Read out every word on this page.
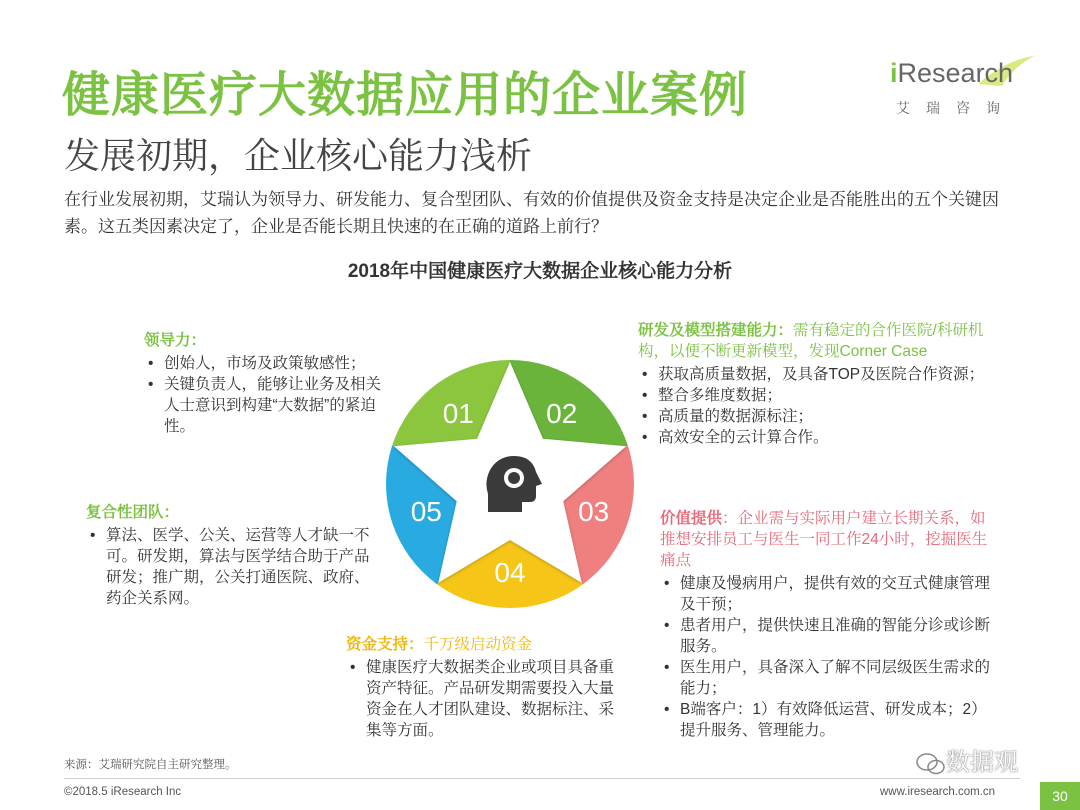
健康医疗大数据应用的企业案例
发展初期，企业核心能力浅析
iResearch
艾瑞咨询
在行业发展初期，艾瑞认为领导力、研发能力、复合型团队、有效的价值提供及资金支持是决定企业是否能胜出的五个关键因素。这五类因素决定了，企业是否能长期且快速的在正确的道路上前行？
2018年中国健康医疗大数据企业核心能力分析
01	02
03
04
05
领导力：
• 创始人，市场及政策敏感性；
• 关键负责人，能够让业务及相关人士意识到构建“大数据”的紧迫性。
研发及模型搭建能力：需有稳定的合作医院/科研机构，以便不断更新模型，发现Corner Case
• 获取高质量数据，及具备TOP及医院合作资源；
• 整合多维度数据；
• 高质量的数据源标注；
• 高效安全的云计算合作。
复合性团队：
• 算法、医学、公关、运营等人才缺一不可。研发期，算法与医学结合助于产品研发；推广期，公关打通医院、政府、药企关系网。
价值提供：企业需与实际用户建立长期关系，如推想安排员工与医生一同工作24小时，挖掘医生痛点
• 健康及慢病用户，提供有效的交互式健康管理及干预；
• 患者用户，提供快速且准确的智能分诊或诊断服务。
• 医生用户，具备深入了解不同层级医生需求的能力；
• B端客户：1）有效降低运营、研发成本；2）提升服务、管理能力。
资金支持：千万级启动资金
• 健康医疗大数据类企业或项目具备重资产特征。产品研发期需要投入大量资金在人才团队建设、数据标注、采集等方面。
来源：艾瑞研究院自主研究整理。
©2018.5 iResearch Inc	www.iresearch.com.cn	30
数据观
